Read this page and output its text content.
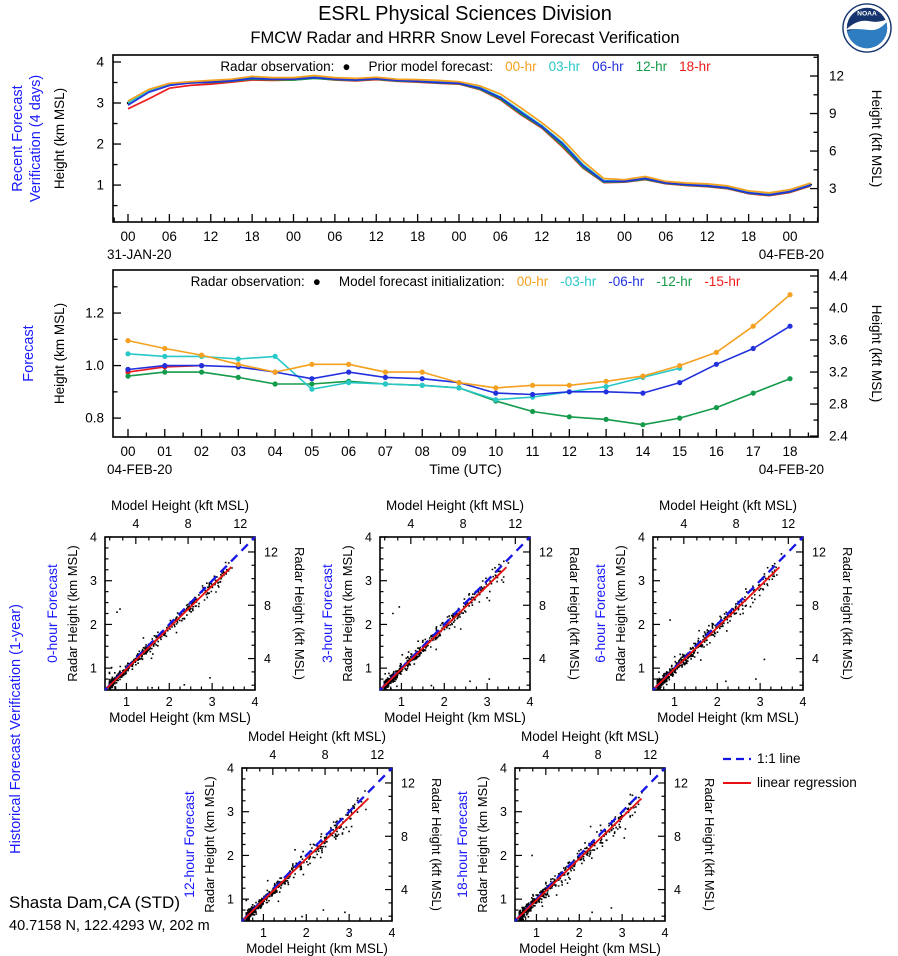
ESRL Physical Sciences Division
FMCW Radar and HRRR Snow Level Forecast Verification
NOAA
00 06 12 18 00 06 12 18 00 06 12 18 00 06 12 18 00
31-JAN-20	04-FEB-20
1
2
3
4
3
6
9
12
Recent Forecast Verification (4 days) Height (km MSL)	Height (kft MSL)
Radar observation: ● Prior model forecast: 00-hr 03-hr 06-hr 12-hr 18-hr
00 01 02 03 04 05 06 07 08 09 10 11 12 13 14 15 16 17 18
04-FEB-20	04-FEB-20
Time (UTC)
0.8
1.0
1.2
2.4
2.8
3.2
3.6
4.0
4.4
Forecast Height (km MSL)	Height (kft MSL)
Radar observation: ● Model forecast initialization: 00-hr -03-hr -06-hr -12-hr -15-hr
Historical Forecast Verification (1-year)	1
1
2
2
3
3
4
4
4
4
8
8
12
12
Model Height (km MSL)
Model Height (kft MSL)
0-hour Forecast Radar Height (km MSL)	Radar Height (kft MSL)
1
1
2
2
3
3
4
4
4
4
8
8
12
12
Model Height (km MSL)
Model Height (kft MSL)
3-hour Forecast Radar Height (km MSL)	Radar Height (kft MSL)
1
1
2
2
3
3
4
4
4
4
8
8
12
12
Model Height (km MSL)
Model Height (kft MSL)
6-hour Forecast Radar Height (km MSL)	Radar Height (kft MSL)
1
1
2
2
3
3
4
4
4
4
8
8
12
12
Model Height (km MSL)
Model Height (kft MSL)
12-hour Forecast Radar Height (km MSL)	Radar Height (kft MSL)
1
1
2
2
3
3
4
4
4
4
8
8
12
12
Model Height (km MSL)
Model Height (kft MSL)
18-hour Forecast Radar Height (km MSL)	Radar Height (kft MSL)
1:1 line
linear regression
Shasta Dam,CA (STD)
40.7158 N, 122.4293 W, 202 m
